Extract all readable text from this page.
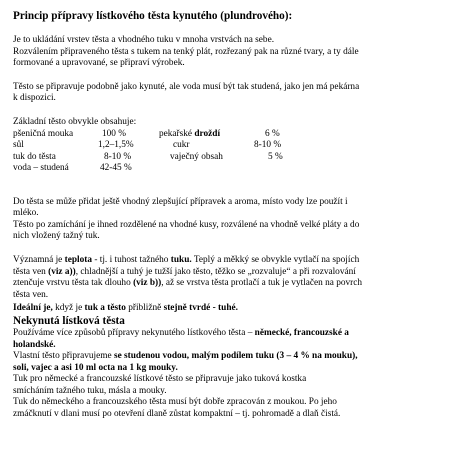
Princip přípravy lístkového těsta kynutého (plundrového):
Je to ukládání vrstev těsta a vhodného tuku v mnoha vrstvách na sebe.
Rozválením připraveného těsta s tukem na tenký plát, rozřezaný pak na různé tvary, a ty dále
formované a upravované, se připraví výrobek.
Těsto se připravuje podobně jako kynuté, ale voda musí být tak studená, jako jen má pekárna
k dispozici.
Základní těsto obvykle obsahuje:
pšeničná mouka	100 %	pekařské droždí	6 %
sůl	1,2–1,5%	cukr	8-10 %
tuk do těsta	8-10 %	vaječný obsah	5 %
voda – studená	42-45 %
Do těsta se může přidat ještě vhodný zlepšující přípravek a aroma, místo vody lze použít i
mléko.
Těsto po zamíchání je ihned rozdělené na vhodné kusy, rozválené na vhodně velké pláty a do
nich vložený tažný tuk.
Významná je teplota - tj. i tuhost tažného tuku. Teplý a měkký se obvykle vytlačí na spojích
těsta ven (viz a)), chladnější a tuhý je tužší jako těsto, těžko se „rozvaluje“ a při rozvalování
ztenčuje vrstvu těsta tak dlouho (viz b)), až se vrstva těsta protlačí a tuk je vytlačen na povrch
těsta ven.
Ideální je, když je tuk a těsto přibližně stejně tvrdé - tuhé.
Nekynutá lístková těsta
Používáme více způsobů přípravy nekynutého lístkového těsta – německé, francouzské a
holandské.
Vlastní těsto připravujeme se studenou vodou, malým podílem tuku (3 – 4 % na mouku),
soli, vajec a asi 10 ml octa na 1 kg mouky.
Tuk pro německé a francouzské lístkové těsto se připravuje jako tuková kostka
smícháním tažného tuku, másla a mouky.
Tuk do německého a francouzského těsta musí být dobře zpracován z moukou. Po jeho
zmáčknutí v dlani musí po otevření dlaně zůstat kompaktní – tj. pohromadě a dlaň čistá.
